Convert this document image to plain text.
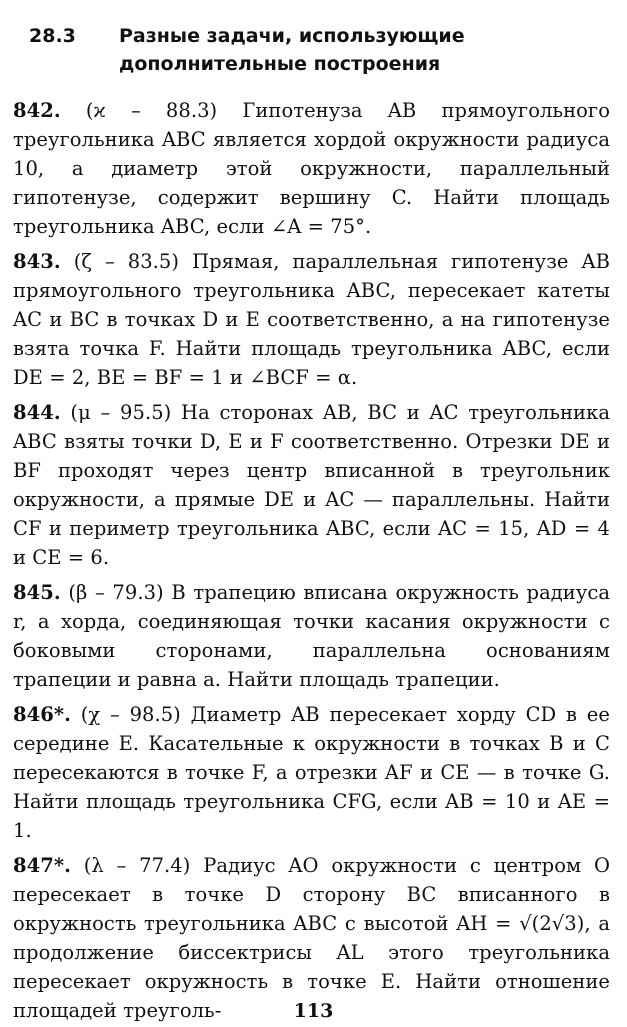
28.3	Разные задачи, использующие
дополнительные построения
842. (ϰ – 88.3) Гипотенуза AB прямоугольного треугольника ABC является хордой окружности радиуса 10, а диаметр этой окружности, параллельный гипотенузе, содержит вершину C. Найти площадь треугольника ABC, если ∠A = 75°.
843. (ζ – 83.5) Прямая, параллельная гипотенузе AB прямоугольного треугольника ABC, пересекает катеты AC и BC в точках D и E соответственно, а на гипотенузе взята точка F. Найти площадь треугольника ABC, если DE = 2, BE = BF = 1 и ∠BCF = α.
844. (μ – 95.5) На сторонах AB, BC и AC треугольника ABC взяты точки D, E и F соответственно. Отрезки DE и BF проходят через центр вписанной в треугольник окружности, а прямые DE и AC — параллельны. Найти CF и периметр треугольника ABC, если AC = 15, AD = 4 и CE = 6.
845. (β – 79.3) В трапецию вписана окружность радиуса r, а хорда, соединяющая точки касания окружности с боковыми сторонами, параллельна основаниям трапеции и равна a. Найти площадь трапеции.
846*. (χ – 98.5) Диаметр AB пересекает хорду CD в ее середине E. Касательные к окружности в точках B и C пересекаются в точке F, а отрезки AF и CE — в точке G. Найти площадь треугольника CFG, если AB = 10 и AE = 1.
847*. (λ – 77.4) Радиус AO окружности с центром O пересекает в точке D сторону BC вписанного в окружность треугольника ABC с высотой AH = √(2√3), а продолжение биссектрисы AL этого треугольника пересекает окружность в точке E. Найти отношение площадей треуголь-	113
